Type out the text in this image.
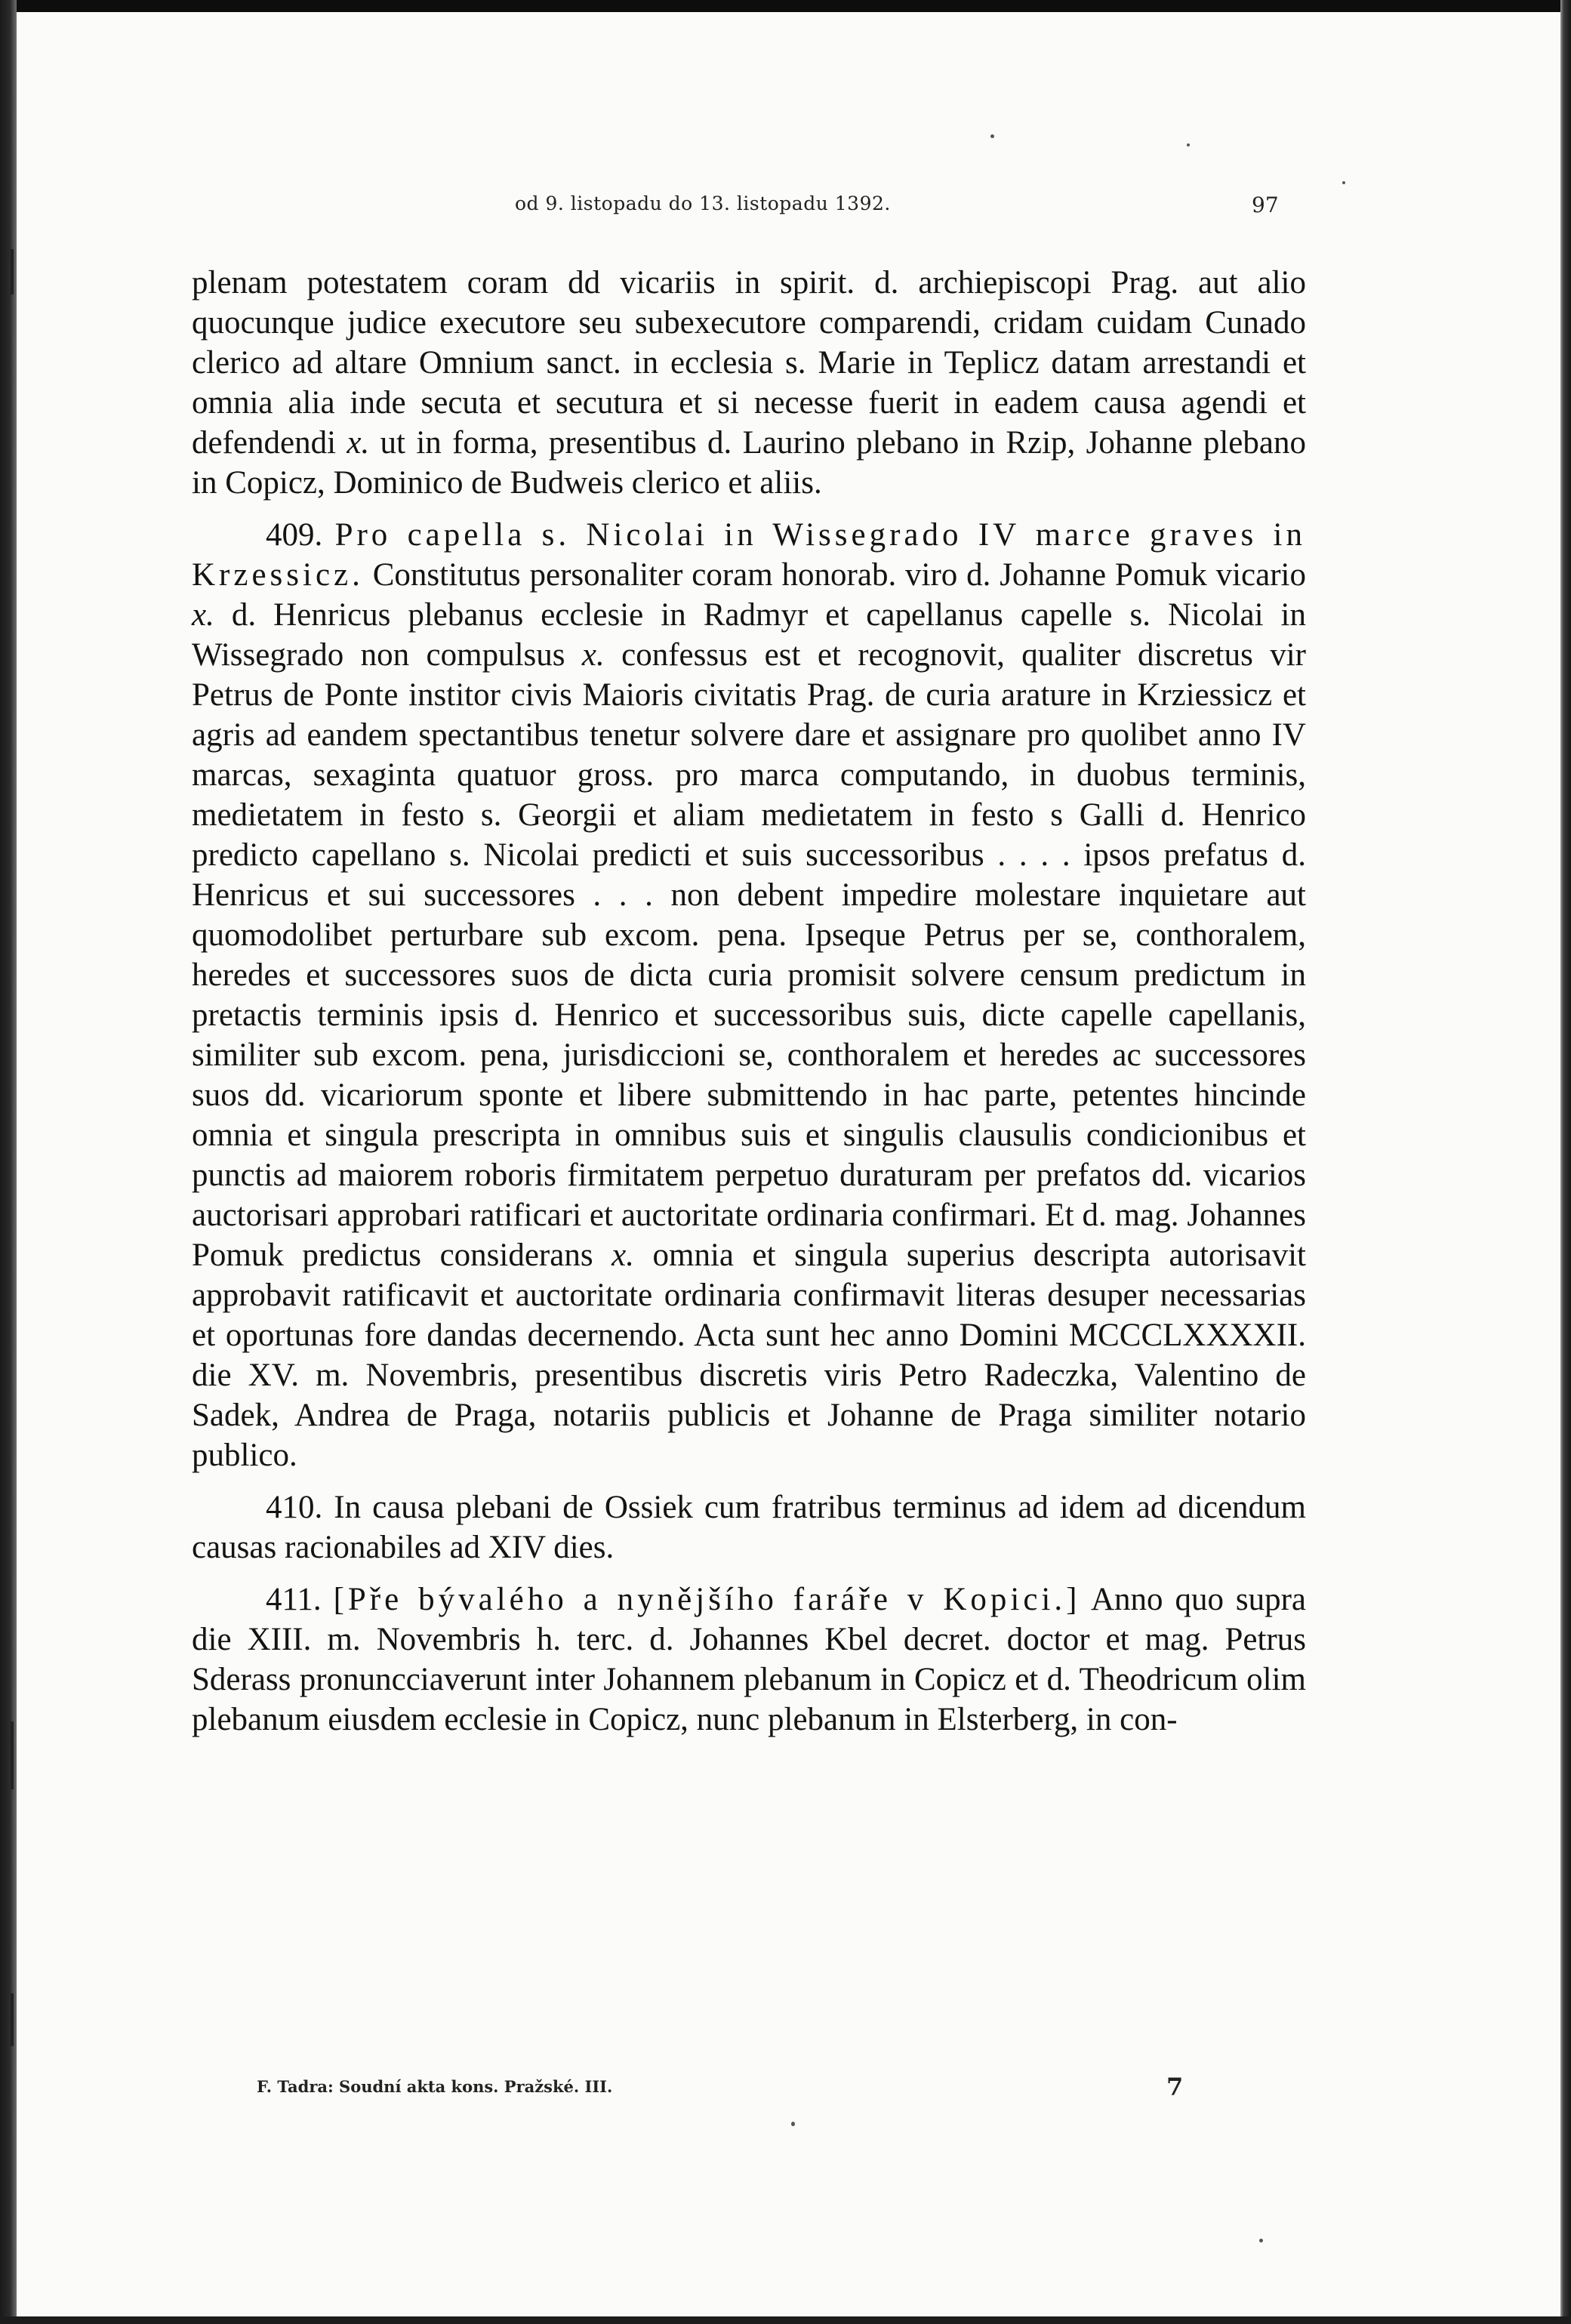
od 9. listopadu do 13. listopadu 1392.	97

plenam potestatem coram dd vicariis in spirit. d. archiepiscopi Prag. aut alio quocunque judice executore seu subexecutore comparendi, cridam cuidam Cunado clerico ad altare Omnium sanct. in ecclesia s. Marie in Teplicz datam arrestandi et omnia alia inde secuta et secutura et si necesse fuerit in eadem causa agendi et defendendi x. ut in forma, presentibus d. Laurino plebano in Rzip, Johanne plebano in Copicz, Dominico de Budweis clerico et aliis.

409. Pro capella s. Nicolai in Wissegrado IV marce graves in Krzessicz. Constitutus personaliter coram honorab. viro d. Johanne Pomuk vicario x. d. Henricus plebanus ecclesie in Radmyr et capellanus capelle s. Nicolai in Wissegrado non compulsus x. confessus est et recognovit, qualiter discretus vir Petrus de Ponte institor civis Maioris civitatis Prag. de curia arature in Krziessicz et agris ad eandem spectantibus tenetur solvere dare et assignare pro quolibet anno IV marcas, sexaginta quatuor gross. pro marca computando, in duobus terminis, medietatem in festo s. Georgii et aliam medietatem in festo s Galli d. Henrico predicto capellano s. Nicolai predicti et suis successoribus . . . . ipsos prefatus d. Henricus et sui successores . . . non debent impedire molestare inquietare aut quomodolibet perturbare sub excom. pena. Ipseque Petrus per se, conthoralem, heredes et successores suos de dicta curia promisit solvere censum predictum in pretactis terminis ipsis d. Henrico et successoribus suis, dicte capelle capellanis, similiter sub excom. pena, jurisdiccioni se, conthoralem et heredes ac successores suos dd. vicariorum sponte et libere submittendo in hac parte, petentes hincinde omnia et singula prescripta in omnibus suis et singulis clausulis condicionibus et punctis ad maiorem roboris firmitatem perpetuo duraturam per prefatos dd. vicarios auctorisari approbari ratificari et auctoritate ordinaria confirmari. Et d. mag. Johannes Pomuk predictus considerans x. omnia et singula superius descripta autorisavit approbavit ratificavit et auctoritate ordinaria confirmavit literas desuper necessarias et oportunas fore dandas decernendo. Acta sunt hec anno Domini MCCCLXXXXII. die XV. m. Novembris, presentibus discretis viris Petro Radeczka, Valentino de Sadek, Andrea de Praga, notariis publicis et Johanne de Praga similiter notario publico.

410. In causa plebani de Ossiek cum fratribus terminus ad idem ad dicendum causas racionabiles ad XIV dies.

411. [Pře bývalého a nynějšího faráře v Kopici.] Anno quo supra die XIII. m. Novembris h. terc. d. Johannes Kbel decret. doctor et mag. Petrus Sderass pronuncciaverunt inter Johannem plebanum in Copicz et d. Theodricum olim plebanum eiusdem ecclesie in Copicz, nunc plebanum in Elsterberg, in con-

F. Tadra: Soudní akta kons. Pražské. III.	7
